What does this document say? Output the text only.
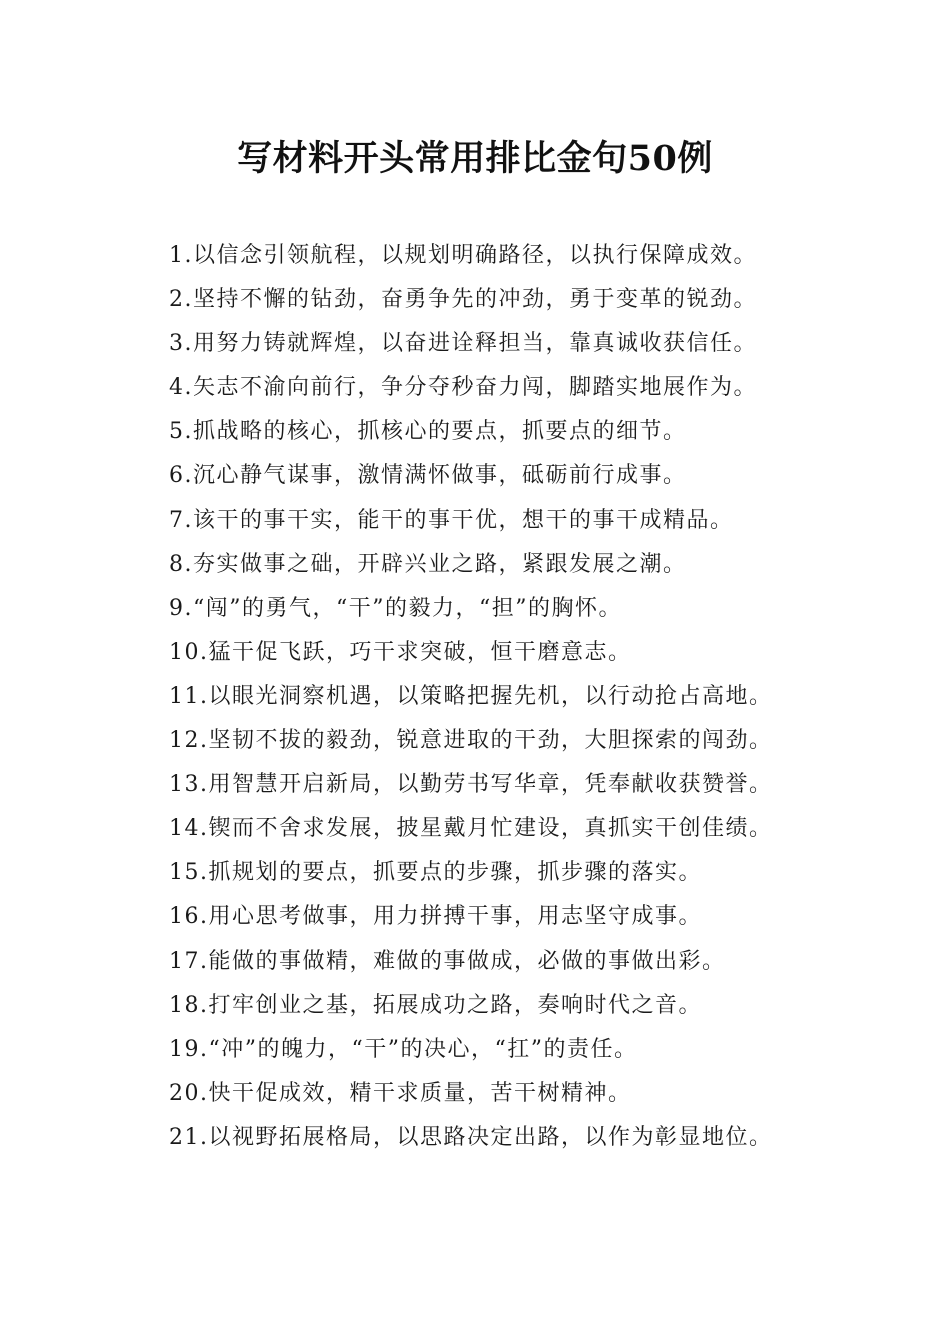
写材料开头常用排比金句50例
1.以信念引领航程，以规划明确路径，以执行保障成效。
2.坚持不懈的钻劲，奋勇争先的冲劲，勇于变革的锐劲。
3.用努力铸就辉煌，以奋进诠释担当，靠真诚收获信任。
4.矢志不渝向前行，争分夺秒奋力闯，脚踏实地展作为。
5.抓战略的核心，抓核心的要点，抓要点的细节。
6.沉心静气谋事，激情满怀做事，砥砺前行成事。
7.该干的事干实，能干的事干优，想干的事干成精品。
8.夯实做事之础，开辟兴业之路，紧跟发展之潮。
9.“闯”的勇气，“干”的毅力，“担”的胸怀。
10.猛干促飞跃，巧干求突破，恒干磨意志。
11.以眼光洞察机遇，以策略把握先机，以行动抢占高地。
12.坚韧不拔的毅劲，锐意进取的干劲，大胆探索的闯劲。
13.用智慧开启新局，以勤劳书写华章，凭奉献收获赞誉。
14.锲而不舍求发展，披星戴月忙建设，真抓实干创佳绩。
15.抓规划的要点，抓要点的步骤，抓步骤的落实。
16.用心思考做事，用力拼搏干事，用志坚守成事。
17.能做的事做精，难做的事做成，必做的事做出彩。
18.打牢创业之基，拓展成功之路，奏响时代之音。
19.“冲”的魄力，“干”的决心，“扛”的责任。
20.快干促成效，精干求质量，苦干树精神。
21.以视野拓展格局，以思路决定出路，以作为彰显地位。
